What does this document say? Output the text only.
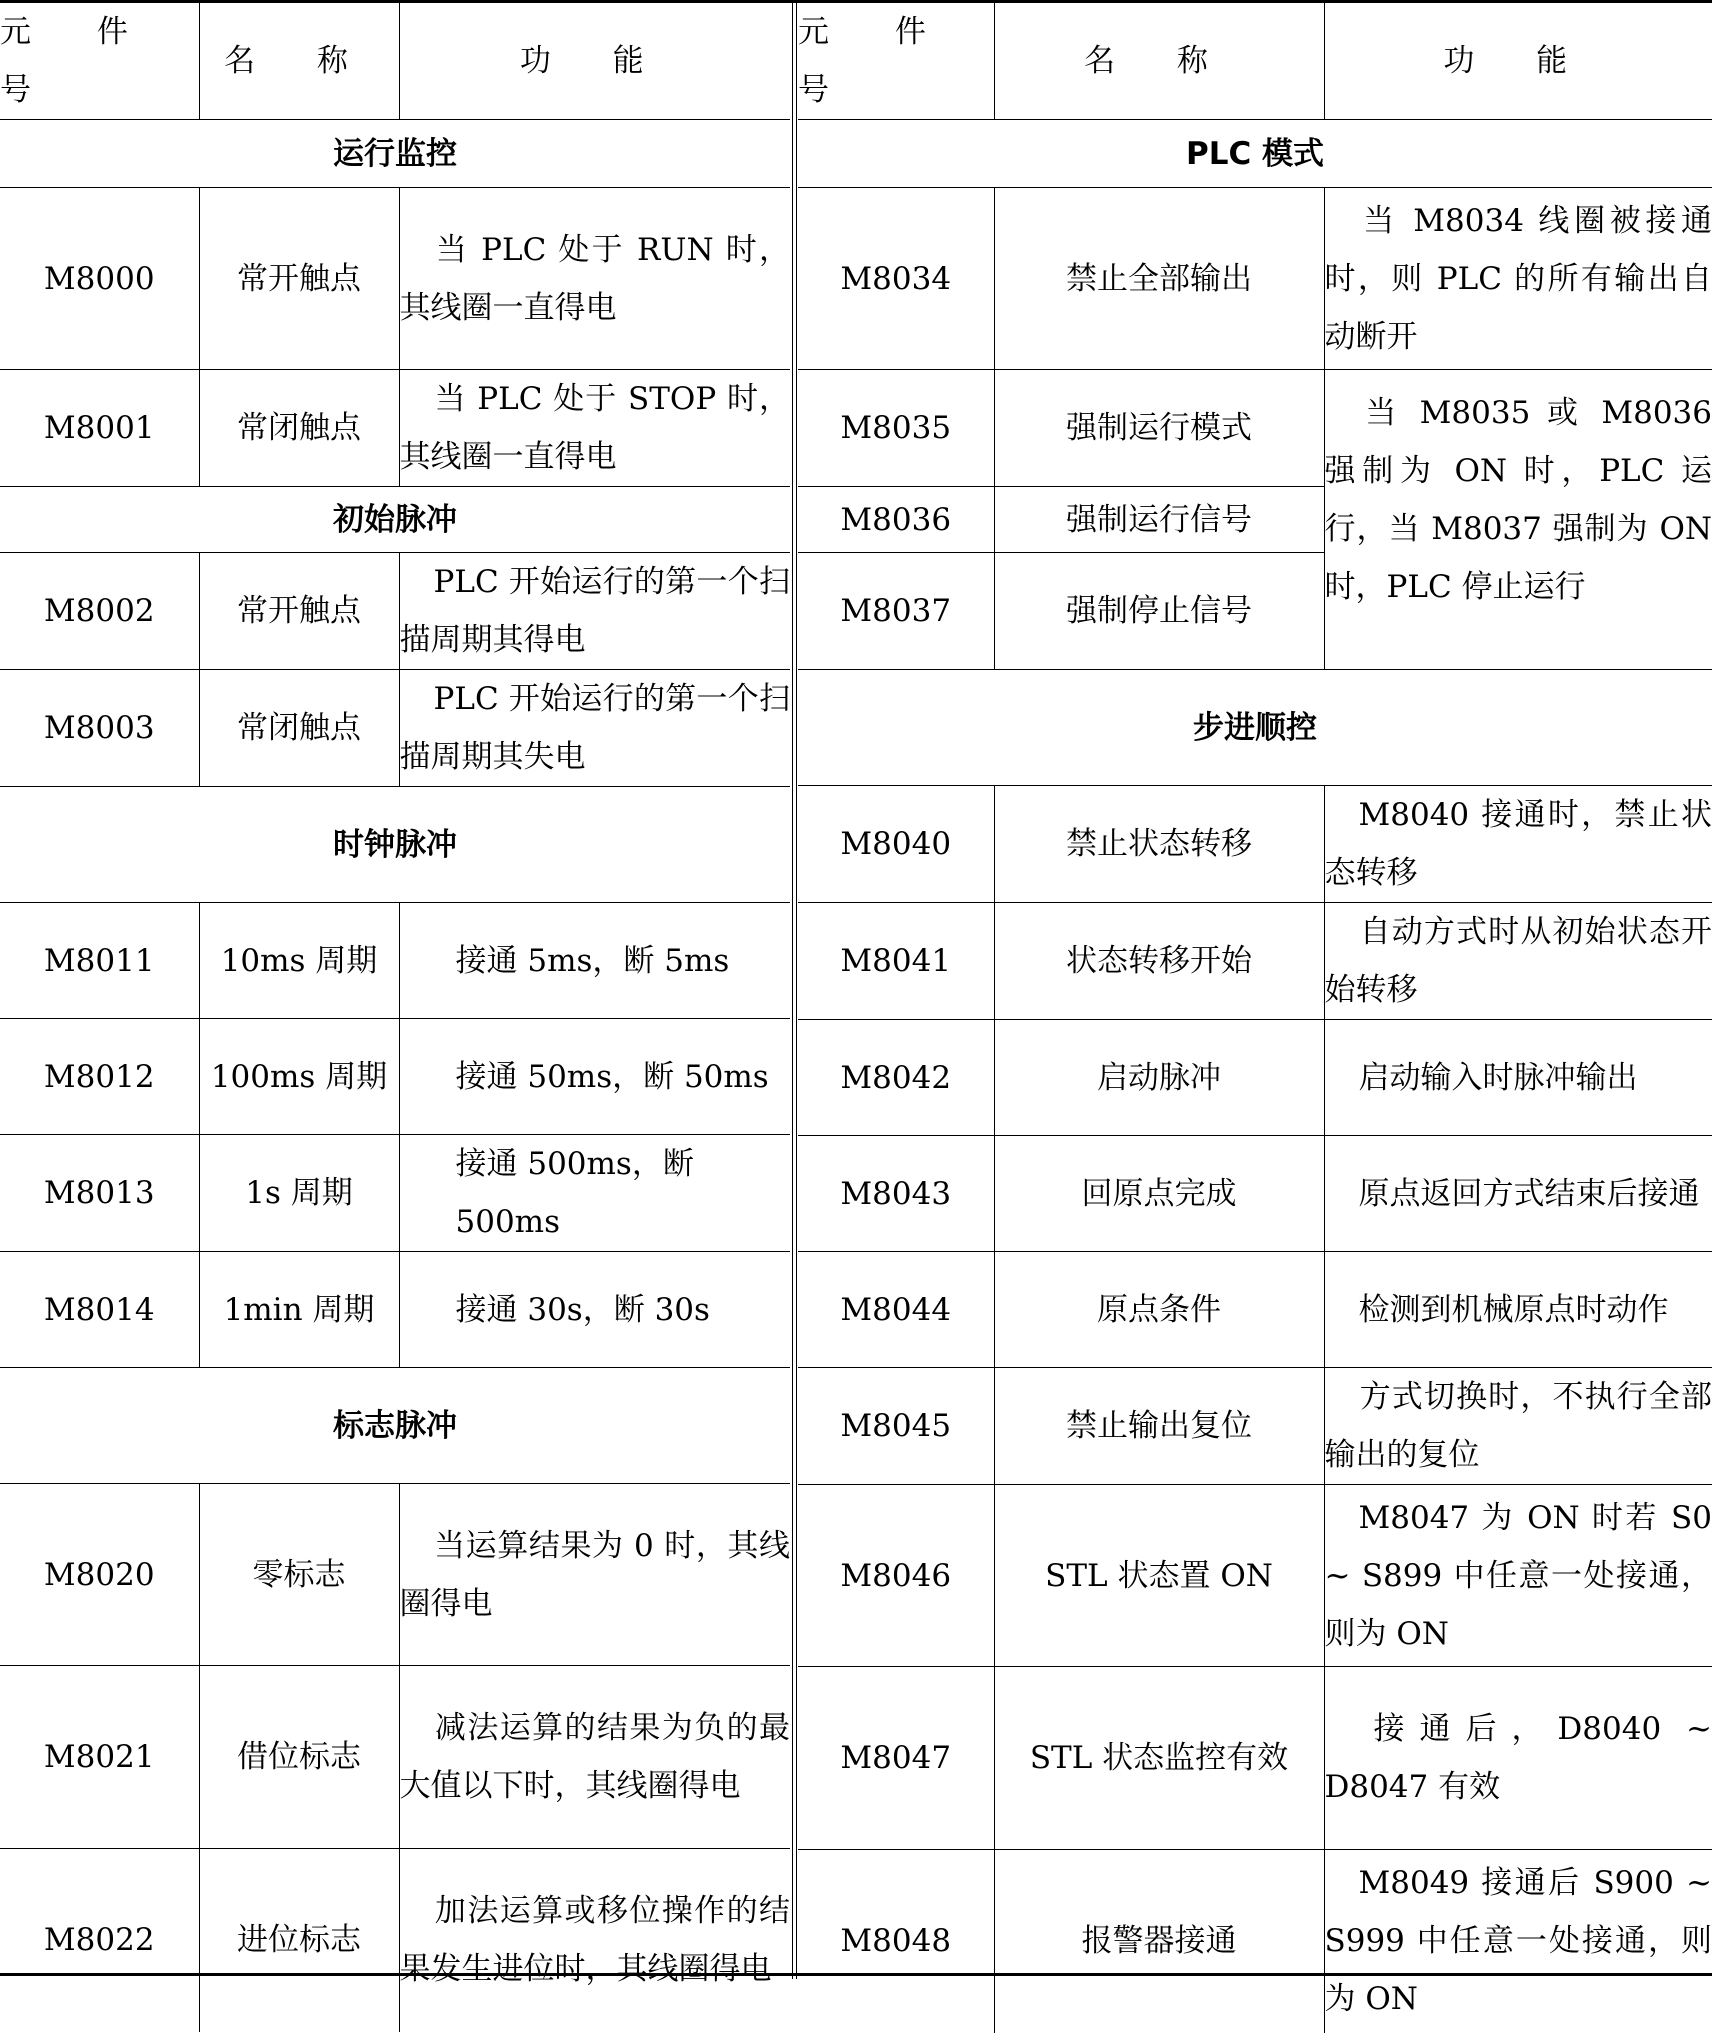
元 件 号	名 称	功 能
运行监控		
M8000	常开触点	当 PLC 处于 RUN 时，其线圈一直得电
M8001	常闭触点	当 PLC 处于 STOP 时，其线圈一直得电
初始脉冲		
M8002	常开触点	PLC 开始运行的第一个扫描周期其得电
M8003	常闭触点	PLC 开始运行的第一个扫描周期其失电
时钟脉冲		
M8011	10ms 周期	接通 5ms，断 5ms
M8012	100ms 周期	接通 50ms，断 50ms
M8013	1s 周期	接通 500ms，断 500ms
M8014	1min 周期	接通 30s，断 30s
标志脉冲		
M8020	零标志	当运算结果为 0 时，其线圈得电
M8021	借位标志	减法运算的结果为负的最大值以下时，其线圈得电
M8022	进位标志	加法运算或移位操作的结果发生进位时，其线圈得电
元 件 号	名 称	功 能
PLC 模式		
M8034	禁止全部输出	当 M8034 线圈被接通时，则 PLC 的所有输出自动断开
M8035	强制运行模式	当 M8035 或 M8036 强制为 ON 时，PLC 运行，当 M8037 强制为 ON 时，PLC 停止运行
M8036	强制运行信号	
M8037	强制停止信号	
步进顺控		
M8040	禁止状态转移	M8040 接通时，禁止状态转移
M8041	状态转移开始	自动方式时从初始状态开始转移
M8042	启动脉冲	启动输入时脉冲输出
M8043	回原点完成	原点返回方式结束后接通
M8044	原点条件	检测到机械原点时动作
M8045	禁止输出复位	方式切换时，不执行全部输出的复位
M8046	STL 状态置 ON	M8047 为 ON 时若 S0 ~ S899 中任意一处接通，则为 ON
M8047	STL 状态监控有效	接通后，D8040 ~ D8047 有效
M8048	报警器接通	M8049 接通后 S900 ~ S999 中任意一处接通，则为 ON
